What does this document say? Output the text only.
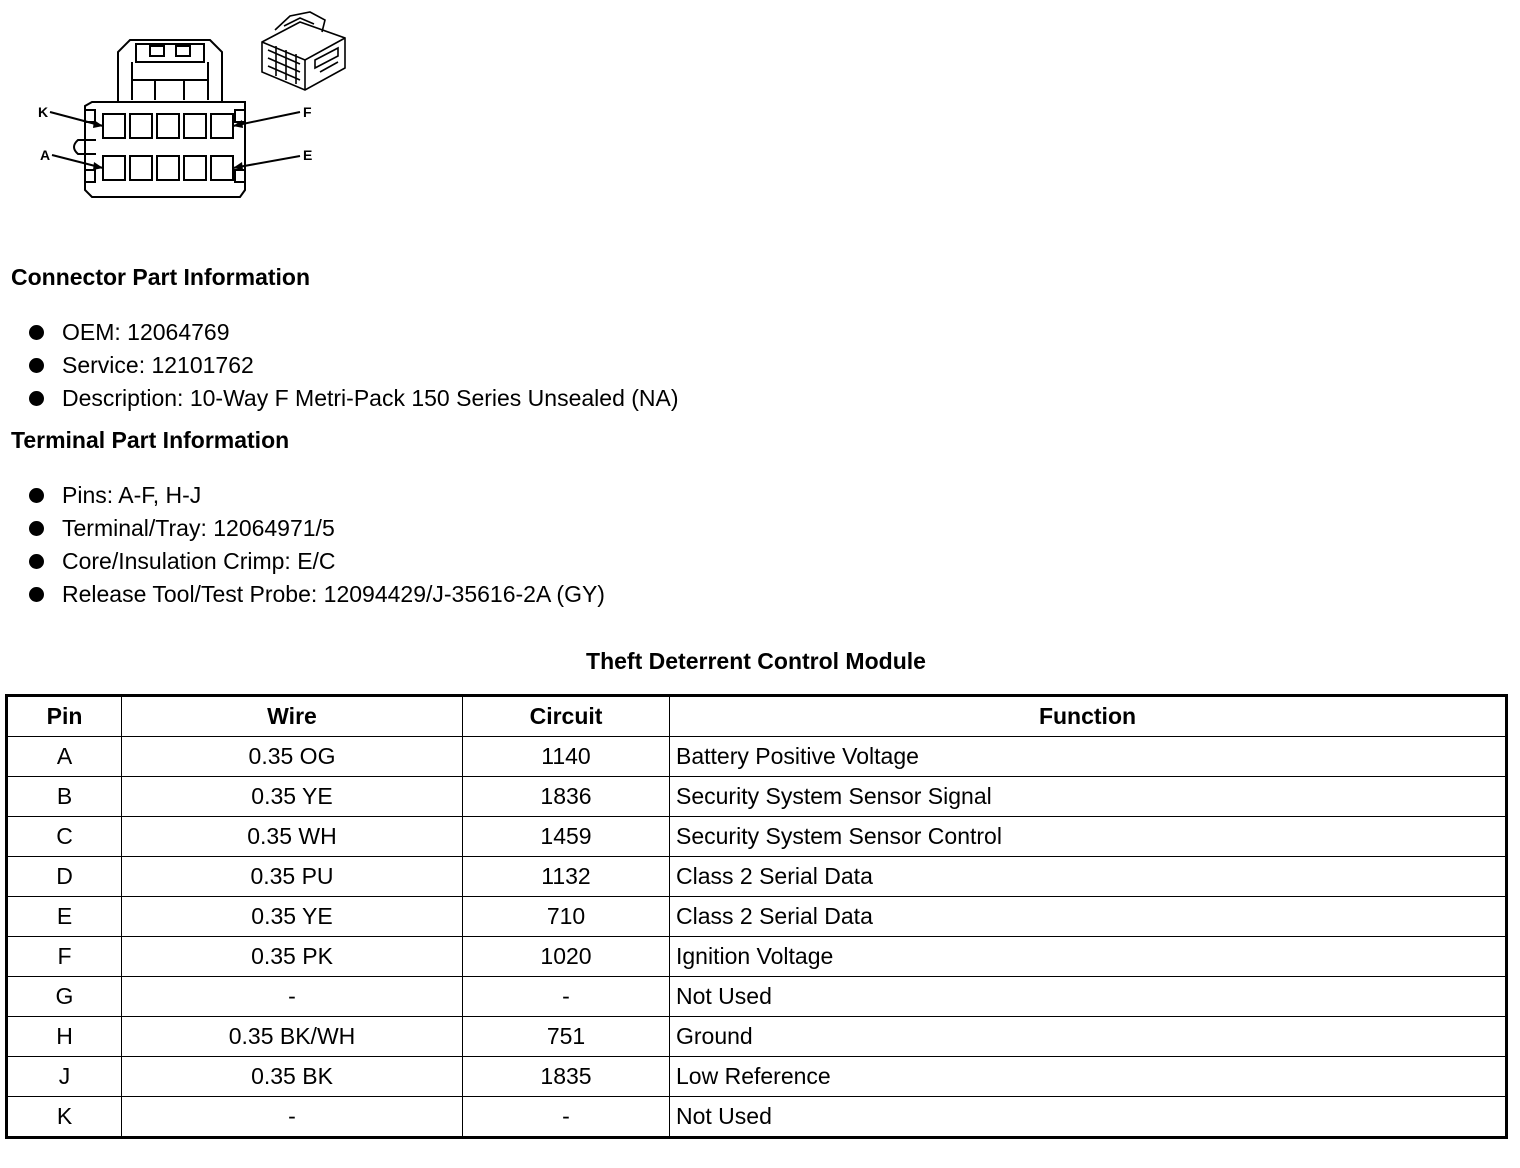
K	F
A	E
Connector Part Information
OEM: 12064769
Service: 12101762
Description: 10-Way F Metri-Pack 150 Series Unsealed (NA)
Terminal Part Information
Pins: A-F, H-J
Terminal/Tray: 12064971/5
Core/Insulation Crimp: E/C
Release Tool/Test Probe: 12094429/J-35616-2A (GY)
Theft Deterrent Control Module
Pin	Wire	Circuit	Function
A	0.35 OG	1140	Battery Positive Voltage
B	0.35 YE	1836	Security System Sensor Signal
C	0.35 WH	1459	Security System Sensor Control
D	0.35 PU	1132	Class 2 Serial Data
E	0.35 YE	710	Class 2 Serial Data
F	0.35 PK	1020	Ignition Voltage
G	-	-	Not Used
H	0.35 BK/WH	751	Ground
J	0.35 BK	1835	Low Reference
K	-	-	Not Used
